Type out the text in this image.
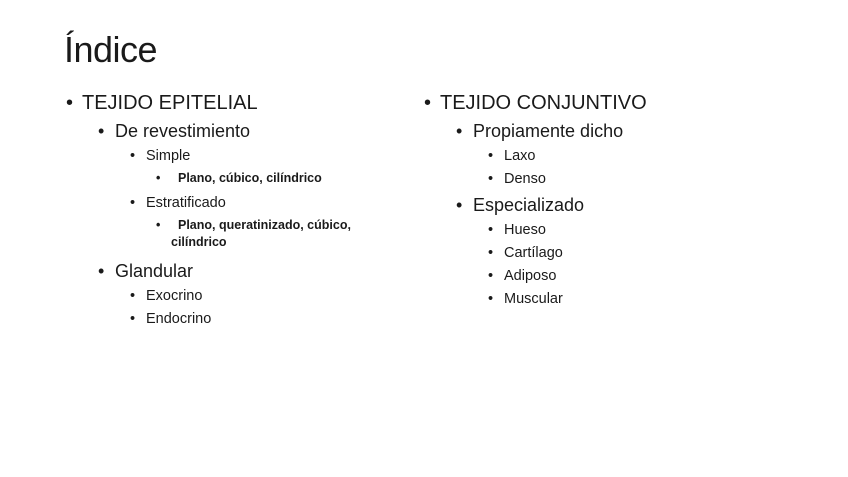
Índice
• TEJIDO EPITELIAL
• De revestimiento
• Simple
• Plano, cúbico, cilíndrico
• Estratificado
• Plano, queratinizado, cúbico,
cilíndrico
• Glandular
• Exocrino
• Endocrino
• TEJIDO CONJUNTIVO
• Propiamente dicho
• Laxo
• Denso
• Especializado
• Hueso
• Cartílago
• Adiposo
• Muscular
